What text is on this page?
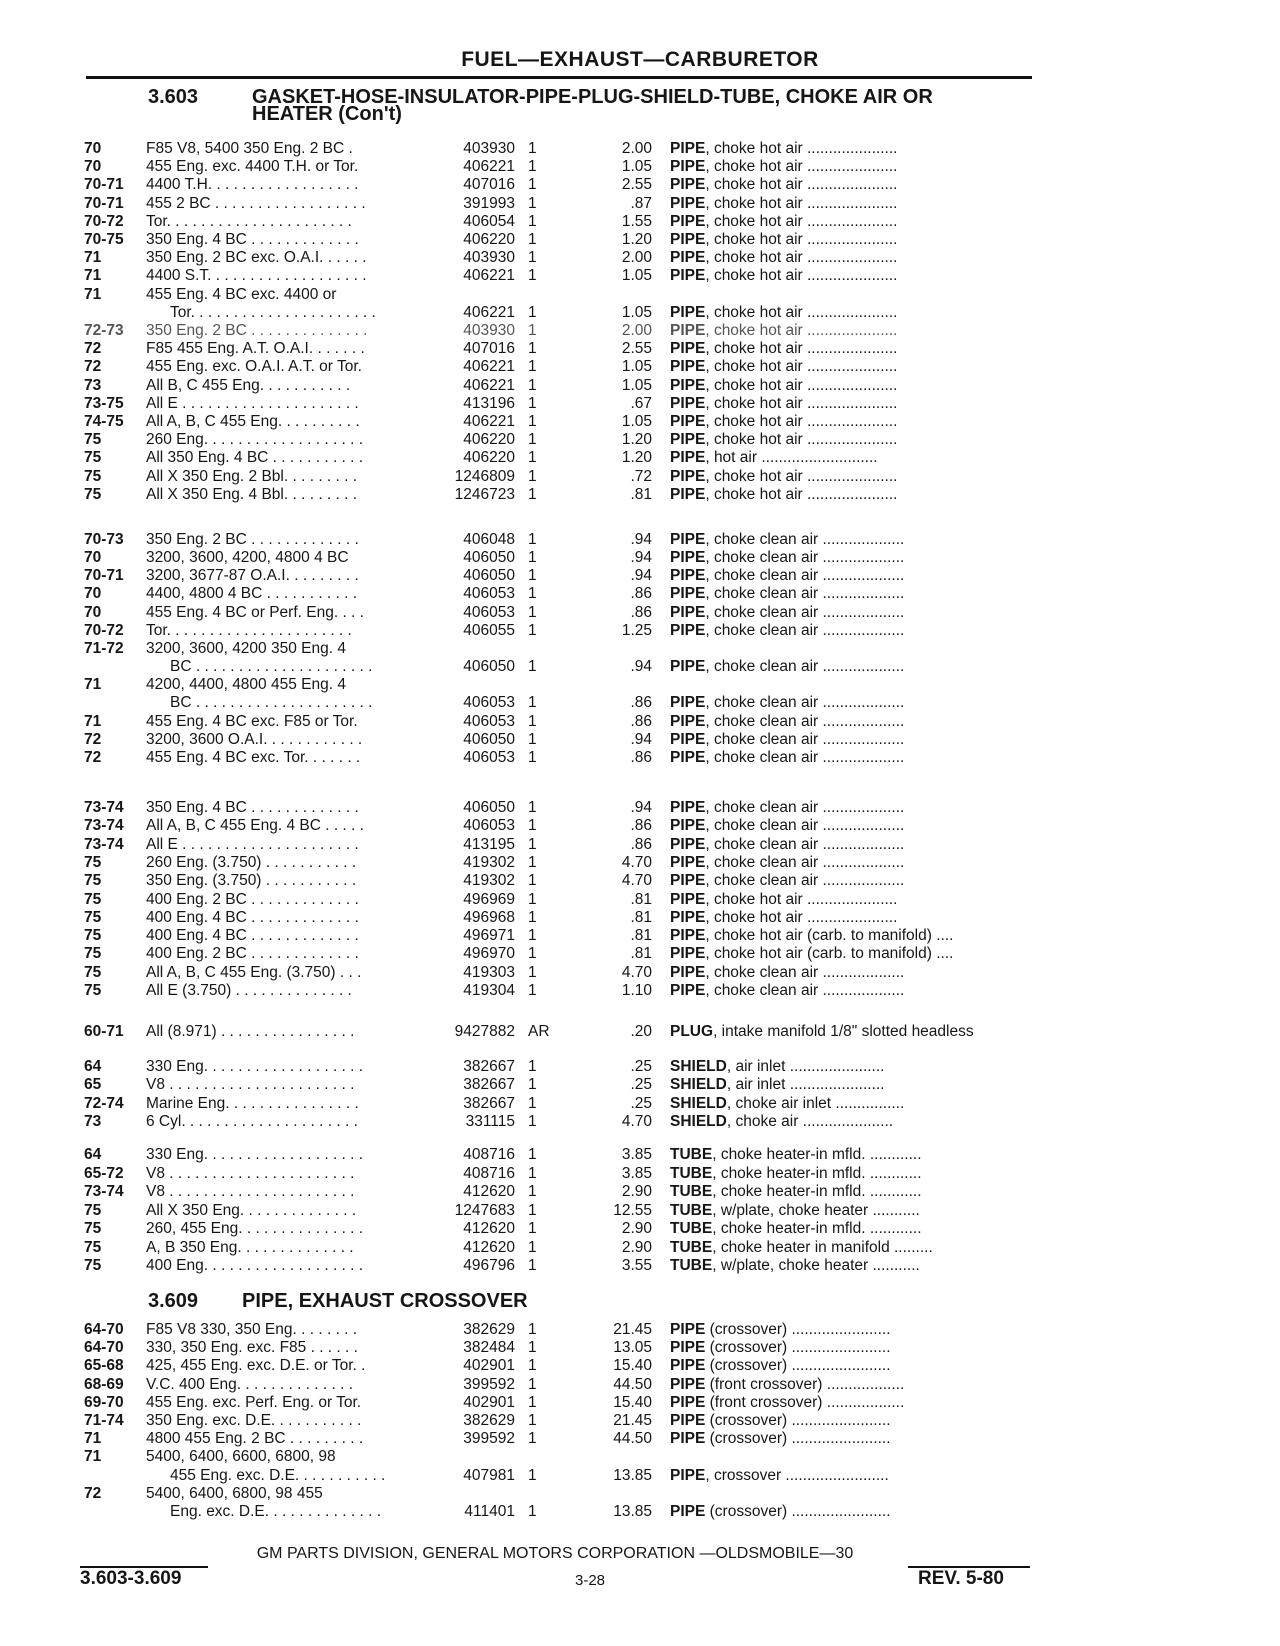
FUEL—EXHAUST—CARBURETOR
3.603	GASKET-HOSE-INSULATOR-PIPE-PLUG-SHIELD-TUBE, CHOKE AIR OR
HEATER (Con't)
3.609 PIPE, EXHAUST CROSSOVER
70	F85 V8, 5400 350 Eng. 2 BC .	403930 1	2.00 PIPE, choke hot air .....................
70	455 Eng. exc. 4400 T.H. or Tor.	406221 1	1.05 PIPE, choke hot air .....................
70-71	4400 T.H. . . . . . . . . . . . . . . . . .	407016 1	2.55 PIPE, choke hot air .....................
70-71	455 2 BC . . . . . . . . . . . . . . . . . .	391993 1	.87 PIPE, choke hot air .....................
70-72	Tor. . . . . . . . . . . . . . . . . . . . . .	406054 1	1.55 PIPE, choke hot air .....................
70-75	350 Eng. 4 BC . . . . . . . . . . . . .	406220 1	1.20 PIPE, choke hot air .....................
71	350 Eng. 2 BC exc. O.A.I. . . . . .	403930 1	2.00 PIPE, choke hot air .....................
71	4400 S.T. . . . . . . . . . . . . . . . . . .	406221 1	1.05 PIPE, choke hot air .....................
71	455 Eng. 4 BC exc. 4400 or
Tor. . . . . . . . . . . . . . . . . . . . . .	406221 1	1.05 PIPE, choke hot air .....................
72-73	350 Eng. 2 BC . . . . . . . . . . . . . .	403930 1	2.00 PIPE, choke hot air .....................
72	F85 455 Eng. A.T. O.A.I. . . . . . .	407016 1	2.55 PIPE, choke hot air .....................
72	455 Eng. exc. O.A.I. A.T. or Tor.	406221 1	1.05 PIPE, choke hot air .....................
73	All B, C 455 Eng. . . . . . . . . . .	406221 1	1.05 PIPE, choke hot air .....................
73-75	All E . . . . . . . . . . . . . . . . . . . . .	413196 1	.67 PIPE, choke hot air .....................
74-75	All A, B, C 455 Eng. . . . . . . . . .	406221 1	1.05 PIPE, choke hot air .....................
75	260 Eng. . . . . . . . . . . . . . . . . . .	406220 1	1.20 PIPE, choke hot air .....................
75	All 350 Eng. 4 BC . . . . . . . . . . .	406220 1	1.20 PIPE, hot air ...........................
75	All X 350 Eng. 2 Bbl. . . . . . . . .	1246809 1	.72 PIPE, choke hot air .....................
75	All X 350 Eng. 4 Bbl. . . . . . . . .	1246723 1	.81 PIPE, choke hot air .....................
70-73	350 Eng. 2 BC . . . . . . . . . . . . .	406048 1	.94 PIPE, choke clean air ...................
70	3200, 3600, 4200, 4800 4 BC	406050 1	.94 PIPE, choke clean air ...................
70-71	3200, 3677-87 O.A.I. . . . . . . . .	406050 1	.94 PIPE, choke clean air ...................
70	4400, 4800 4 BC . . . . . . . . . . .	406053 1	.86 PIPE, choke clean air ...................
70	455 Eng. 4 BC or Perf. Eng. . . .	406053 1	.86 PIPE, choke clean air ...................
70-72	Tor. . . . . . . . . . . . . . . . . . . . . .	406055 1	1.25 PIPE, choke clean air ...................
71-72	3200, 3600, 4200 350 Eng. 4
BC . . . . . . . . . . . . . . . . . . . . .	406050 1	.94 PIPE, choke clean air ...................
71	4200, 4400, 4800 455 Eng. 4
BC . . . . . . . . . . . . . . . . . . . . .	406053 1	.86 PIPE, choke clean air ...................
71	455 Eng. 4 BC exc. F85 or Tor.	406053 1	.86 PIPE, choke clean air ...................
72	3200, 3600 O.A.I. . . . . . . . . . . .	406050 1	.94 PIPE, choke clean air ...................
72	455 Eng. 4 BC exc. Tor. . . . . . .	406053 1	.86 PIPE, choke clean air ...................
73-74	350 Eng. 4 BC . . . . . . . . . . . . .	406050 1	.94 PIPE, choke clean air ...................
73-74	All A, B, C 455 Eng. 4 BC . . . . .	406053 1	.86 PIPE, choke clean air ...................
73-74	All E . . . . . . . . . . . . . . . . . . . . .	413195 1	.86 PIPE, choke clean air ...................
75	260 Eng. (3.750) . . . . . . . . . . .	419302 1	4.70 PIPE, choke clean air ...................
75	350 Eng. (3.750) . . . . . . . . . . .	419302 1	4.70 PIPE, choke clean air ...................
75	400 Eng. 2 BC . . . . . . . . . . . . .	496969 1	.81 PIPE, choke hot air .....................
75	400 Eng. 4 BC . . . . . . . . . . . . .	496968 1	.81 PIPE, choke hot air .....................
75	400 Eng. 4 BC . . . . . . . . . . . . .	496971 1	.81 PIPE, choke hot air (carb. to manifold) ....
75	400 Eng. 2 BC . . . . . . . . . . . . .	496970 1	.81 PIPE, choke hot air (carb. to manifold) ....
75	All A, B, C 455 Eng. (3.750) . . .	419303 1	4.70 PIPE, choke clean air ...................
75	All E (3.750) . . . . . . . . . . . . . .	419304 1	1.10 PIPE, choke clean air ...................
60-71	All (8.971) . . . . . . . . . . . . . . . .	9427882 AR	.20 PLUG, intake manifold 1/8" slotted headless
64	330 Eng. . . . . . . . . . . . . . . . . . .	382667 1	.25 SHIELD, air inlet ......................
65	V8 . . . . . . . . . . . . . . . . . . . . . .	382667 1	.25 SHIELD, air inlet ......................
72-74	Marine Eng. . . . . . . . . . . . . . . .	382667 1	.25 SHIELD, choke air inlet ................
73	6 Cyl. . . . . . . . . . . . . . . . . . . . .	331115 1	4.70 SHIELD, choke air .....................
64	330 Eng. . . . . . . . . . . . . . . . . . .	408716 1	3.85 TUBE, choke heater-in mfld. ............
65-72	V8 . . . . . . . . . . . . . . . . . . . . . .	408716 1	3.85 TUBE, choke heater-in mfld. ............
73-74	V8 . . . . . . . . . . . . . . . . . . . . . .	412620 1	2.90 TUBE, choke heater-in mfld. ............
75	All X 350 Eng. . . . . . . . . . . . . .	1247683 1	12.55 TUBE, w/plate, choke heater ...........
75	260, 455 Eng. . . . . . . . . . . . . . .	412620 1	2.90 TUBE, choke heater-in mfld. ............
75	A, B 350 Eng. . . . . . . . . . . . . .	412620 1	2.90 TUBE, choke heater in manifold .........
75	400 Eng. . . . . . . . . . . . . . . . . . .	496796 1	3.55 TUBE, w/plate, choke heater ...........
64-70	F85 V8 330, 350 Eng. . . . . . . .	382629 1	21.45 PIPE (crossover) .......................
64-70	330, 350 Eng. exc. F85 . . . . . .	382484 1	13.05 PIPE (crossover) .......................
65-68	425, 455 Eng. exc. D.E. or Tor. .	402901 1	15.40 PIPE (crossover) .......................
68-69	V.C. 400 Eng. . . . . . . . . . . . . .	399592 1	44.50 PIPE (front crossover) ..................
69-70	455 Eng. exc. Perf. Eng. or Tor.	402901 1	15.40 PIPE (front crossover) ..................
71-74	350 Eng. exc. D.E. . . . . . . . . . .	382629 1	21.45 PIPE (crossover) .......................
71	4800 455 Eng. 2 BC . . . . . . . . .	399592 1	44.50 PIPE (crossover) .......................
71	5400, 6400, 6600, 6800, 98
455 Eng. exc. D.E. . . . . . . . . . .	407981 1	13.85 PIPE, crossover ........................
72	5400, 6400, 6800, 98 455
Eng. exc. D.E. . . . . . . . . . . . . .	411401 1	13.85 PIPE (crossover) .......................
GM PARTS DIVISION, GENERAL MOTORS CORPORATION —OLDSMOBILE—30
3.603-3.609	3-28	REV. 5-80
